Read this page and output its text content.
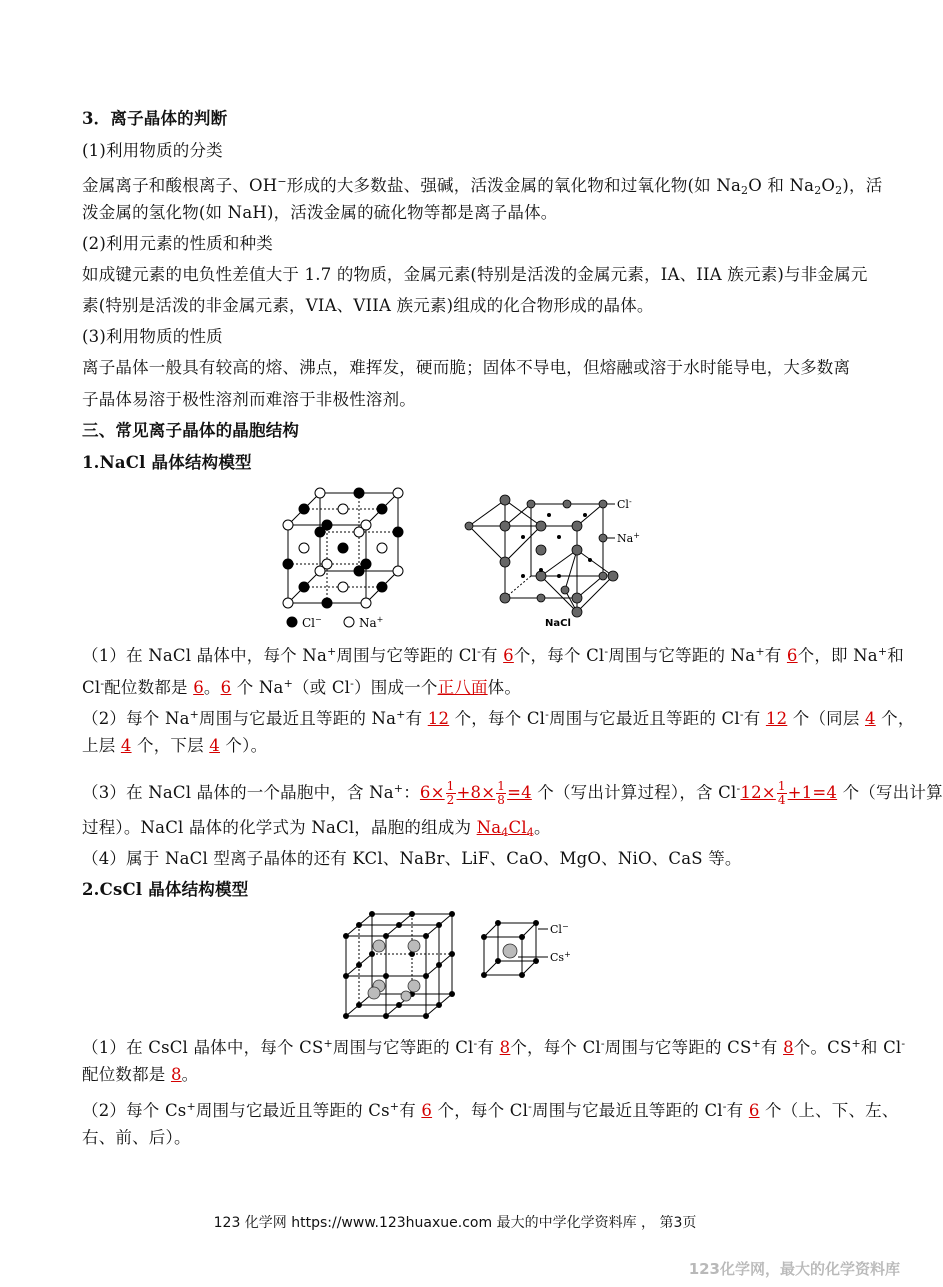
3．离子晶体的判断
(1)利用物质的分类
金属离子和酸根离子、OH−形成的大多数盐、强碱，活泼金属的氧化物和过氧化物(如 $Na_2O$ 和 $Na_2O_2$)，活
泼金属的氢化物(如 NaH)，活泼金属的硫化物等都是离子晶体。
(2)利用元素的性质和种类
如成键元素的电负性差值大于 1.7 的物质，金属元素(特别是活泼的金属元素，IA、IIA 族元素)与非金属元
素(特别是活泼的非金属元素，VIA、VIIA 族元素)组成的化合物形成的晶体。
(3)利用物质的性质
离子晶体一般具有较高的熔、沸点，难挥发，硬而脆；固体不导电，但熔融或溶于水时能导电，大多数离
子晶体易溶于极性溶剂而难溶于非极性溶剂。
三、常见离子晶体的晶胞结构
1.NaCl 晶体结构模型
Cl−	Na+
Cl-
Na+
NaCl
（1）在 NaCl 晶体中，每个 Na+周围与它等距的 Cl-有 6个，每个 Cl-周围与它等距的 Na+有 6个，即 Na+和
Cl-配位数都是 6。6 个 Na+（或 Cl-）围成一个正八面体。
（2）每个 Na+周围与它最近且等距的 Na+有 12 个，每个 Cl-周围与它最近且等距的 Cl-有 12 个（同层 4 个，
上层 4 个，下层 4 个）。
（3）在 NaCl 晶体的一个晶胞中，含 Na+：$6\times \frac{1}{2} +8\times \frac{1}{8} =4$ 个（写出计算过程），含 $Cl^-12\times \frac{1}{4} +1=4$ 个（写出计算
过程）。NaCl 晶体的化学式为 NaCl，晶胞的组成为 $Na_4Cl_4$。
（4）属于 NaCl 型离子晶体的还有 KCl、NaBr、LiF、CaO、MgO、NiO、CaS 等。
2.CsCl 晶体结构模型
Cl−
Cs+
（1）在 CsCl 晶体中，每个 CS+周围与它等距的 Cl-有 8个，每个 Cl-周围与它等距的 CS+有 8个。CS+和 Cl-
配位数都是 8。
（2）每个 Cs+周围与它最近且等距的 Cs+有 6 个，每个 Cl-周围与它最近且等距的 Cl-有 6 个（上、下、左、
右、前、后）。
123 化学网 https://www.123huaxue.com 最大的中学化学资料库 ， 第3页
123化学网，最大的化学资料库
